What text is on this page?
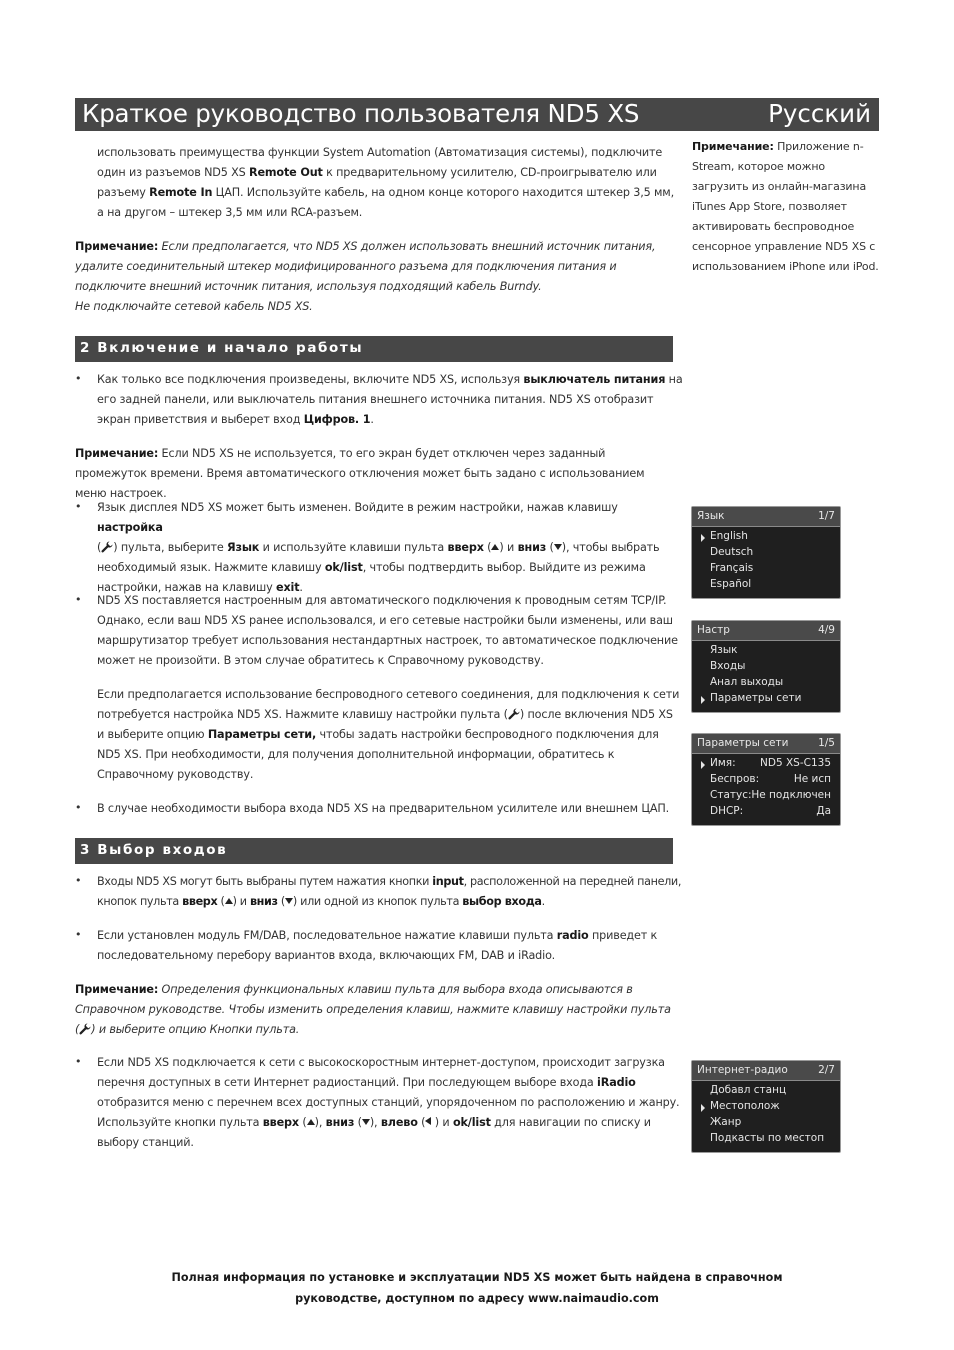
Краткое руководство пользователя ND5 XS	Русский
использовать преимущества функции System Automation (Автоматизация системы), подключите один из разъемов ND5 XS Remote Out к предварительному усилителю, CD-проигрывателю или разъему Remote In ЦАП. Используйте кабель, на одном конце которого находится штекер 3,5 мм, а на другом – штекер 3,5 мм или RCA-разъем.
Примечание: Если предполагается, что ND5 XS должен использовать внешний источник питания, удалите соединительный штекер модифицированного разъема для подключения питания и подключите внешний источник питания, используя подходящий кабель Burndy.
Не подключайте сетевой кабель ND5 XS.
2 Включение и начало работы
• Как только все подключения произведены, включите ND5 XS, используя выключатель питания на его задней панели, или выключатель питания внешнего источника питания. ND5 XS отобразит экран приветствия и выберет вход Цифров. 1.
Примечание: Если ND5 XS не используется, то его экран будет отключен через заданный промежуток времени. Время автоматического отключения может быть задано с использованием меню настроек.
• Язык дисплея ND5 XS может быть изменен. Войдите в режим настройки, нажав клавишу настройка
( ) пульта, выберите Язык и используйте клавиши пульта вверх ( ) и вниз ( ), чтобы выбрать необходимый язык. Нажмите клавишу ok/list, чтобы подтвердить выбор. Выйдите из режима настройки, нажав на клавишу exit.
• ND5 XS поставляется настроенным для автоматического подключения к проводным сетям TCP/IP. Однако, если ваш ND5 XS ранее использовался, и его сетевые настройки были изменены, или ваш маршрутизатор требует использования нестандартных настроек, то автоматическое подключение может не произойти. В этом случае обратитесь к Справочному руководству.
Если предполагается использование беспроводного сетевого соединения, для подключения к сети потребуется настройка ND5 XS. Нажмите клавишу настройки пульта ( ) после включения ND5 XS и выберите опцию Параметры сети, чтобы задать настройки беспроводного подключения для ND5 XS. При необходимости, для получения дополнительной информации, обратитесь к Справочному руководству.
• В случае необходимости выбора входа ND5 XS на предварительном усилителе или внешнем ЦАП.
3 Выбор входов
• Входы ND5 XS могут быть выбраны путем нажатия кнопки input, расположенной на передней панели, кнопок пульта вверх ( ) и вниз ( ) или одной из кнопок пульта выбор входа.
• Если установлен модуль FM/DAB, последовательное нажатие клавиши пульта radio приведет к последовательному перебору вариантов входа, включающих FM, DAB и iRadio.
Примечание: Определения функциональных клавиш пульта для выбора входа описываются в Справочном руководстве. Чтобы изменить определения клавиш, нажмите клавишу настройки пульта ( ) и выберите опцию Кнопки пульта.
• Если ND5 XS подключается к сети с высокоскоростным интернет-доступом, происходит загрузка перечня доступных в сети Интернет радиостанций. При последующем выборе входа iRadio отобразится меню с перечнем всех доступных станций, упорядоченном по расположению и жанру. Используйте кнопки пульта вверх ( ), вниз ( ), влево ( ) и ok/list для навигации по списку и выбору станций.
Примечание: Приложение n-Stream, которое можно загрузить из онлайн-магазина iTunes App Store, позволяет активировать беспроводное сенсорное управление ND5 XS с использованием iPhone или iPod.
Язык	1/7
English
Deutsch
Français
Español
Настр	4/9
Язык
Входы
Анал выходы
Параметры сети
Параметры сети	1/5
Имя: ND5 XS-C135
Беспров:	Не исп
Статус: Не подключен
DHCP:	Да
Интернет-радио	2/7
Добавл станц
Местополож
Жанр
Подкасты по местоп
Полная информация по установке и эксплуатации ND5 XS может быть найдена в справочном
руководстве, доступном по адресу www.naimaudio.com
